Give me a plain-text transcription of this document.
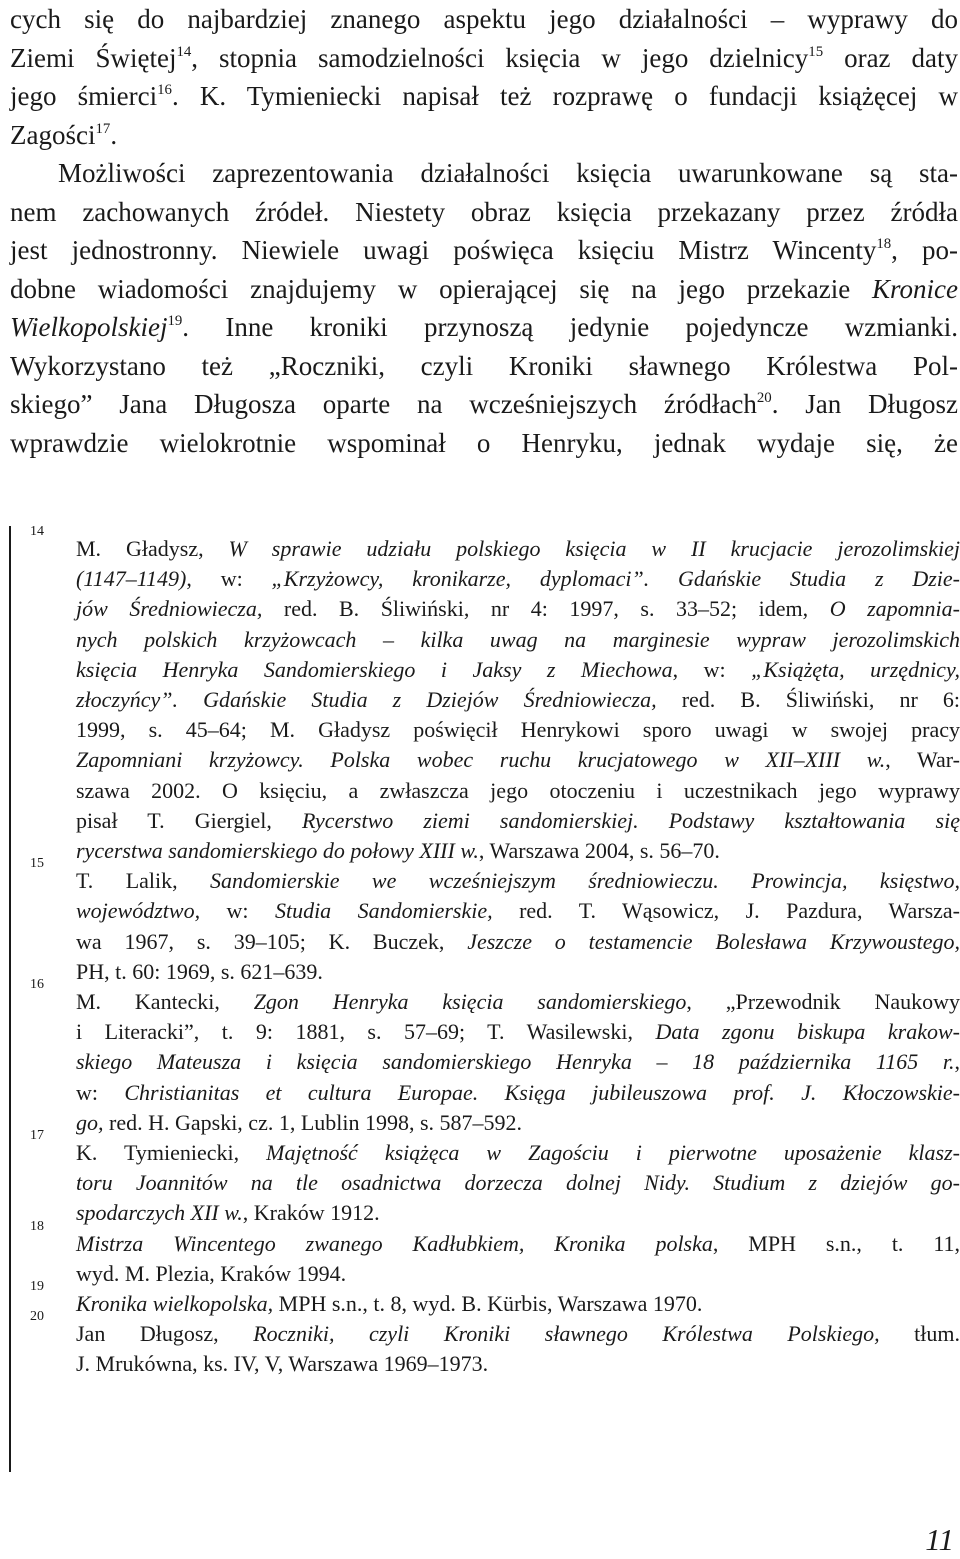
cych się do najbardziej znanego aspektu jego działalności – wyprawy do
Ziemi Świętej$^{14}$, stopnia samodzielności księcia w jego dzielnicy$^{15}$ oraz daty
jego śmierci$^{16}$. K. Tymieniecki napisał też rozprawę o fundacji książęcej w
Zagości$^{17}$.
Możliwości zaprezentowania działalności księcia uwarunkowane są sta-
nem zachowanych źródeł. Niestety obraz księcia przekazany przez źródła
jest jednostronny. Niewiele uwagi poświęca księciu Mistrz Wincenty$^{18}$, po-
dobne wiadomości znajdujemy w opierającej się na jego przekazie Kronice
Wielkopolskiej$^{19}$. Inne kroniki przynoszą jedynie pojedyncze wzmianki.
Wykorzystano też „Roczniki, czyli Kroniki sławnego Królestwa Pol-
skiego” Jana Długosza oparte na wcześniejszych źródłach$^{20}$. Jan Długosz
wprawdzie wielokrotnie wspominał o Henryku, jednak wydaje się, że
14
M. Gładysz, W sprawie udziału polskiego księcia w II krucjacie jerozolimskiej
(1147–1149), w: „Krzyżowcy, kronikarze, dyplomaci”. Gdańskie Studia z Dzie-
jów Średniowiecza, red. B. Śliwiński, nr 4: 1997, s. 33–52; idem, O zapomnia-
nych polskich krzyżowcach – kilka uwag na marginesie wypraw jerozolimskich
księcia Henryka Sandomierskiego i Jaksy z Miechowa, w: „Książęta, urzędnicy,
złoczyńcy”. Gdańskie Studia z Dziejów Średniowiecza, red. B. Śliwiński, nr 6:
1999, s. 45–64; M. Gładysz poświęcił Henrykowi sporo uwagi w swojej pracy
Zapomniani krzyżowcy. Polska wobec ruchu krucjatowego w XII–XIII w., War-
szawa 2002. O księciu, a zwłaszcza jego otoczeniu i uczestnikach jego wyprawy
pisał T. Giergiel, Rycerstwo ziemi sandomierskiej. Podstawy kształtowania się
rycerstwa sandomierskiego do połowy XIII w., Warszawa 2004, s. 56–70.
15
T. Lalik, Sandomierskie we wcześniejszym średniowieczu. Prowincja, księstwo,
województwo, w: Studia Sandomierskie, red. T. Wąsowicz, J. Pazdura, Warsza-
wa 1967, s. 39–105; K. Buczek, Jeszcze o testamencie Bolesława Krzywoustego,
PH, t. 60: 1969, s. 621–639.
16
M. Kantecki, Zgon Henryka księcia sandomierskiego, „Przewodnik Naukowy
i Literacki”, t. 9: 1881, s. 57–69; T. Wasilewski, Data zgonu biskupa krakow-
skiego Mateusza i księcia sandomierskiego Henryka – 18 października 1165 r.,
w: Christianitas et cultura Europae. Księga jubileuszowa prof. J. Kłoczowskie-
go, red. H. Gapski, cz. 1, Lublin 1998, s. 587–592.
17
K. Tymieniecki, Majętność książęca w Zagościu i pierwotne uposażenie klasz-
toru Joannitów na tle osadnictwa dorzecza dolnej Nidy. Studium z dziejów go-
spodarczych XII w., Kraków 1912.
18
Mistrza Wincentego zwanego Kadłubkiem, Kronika polska, MPH s.n., t. 11,
wyd. M. Plezia, Kraków 1994.
19
Kronika wielkopolska, MPH s.n., t. 8, wyd. B. Kürbis, Warszawa 1970.
20
Jan Długosz, Roczniki, czyli Kroniki sławnego Królestwa Polskiego, tłum.
J. Mrukówna, ks. IV, V, Warszawa 1969–1973.
11
